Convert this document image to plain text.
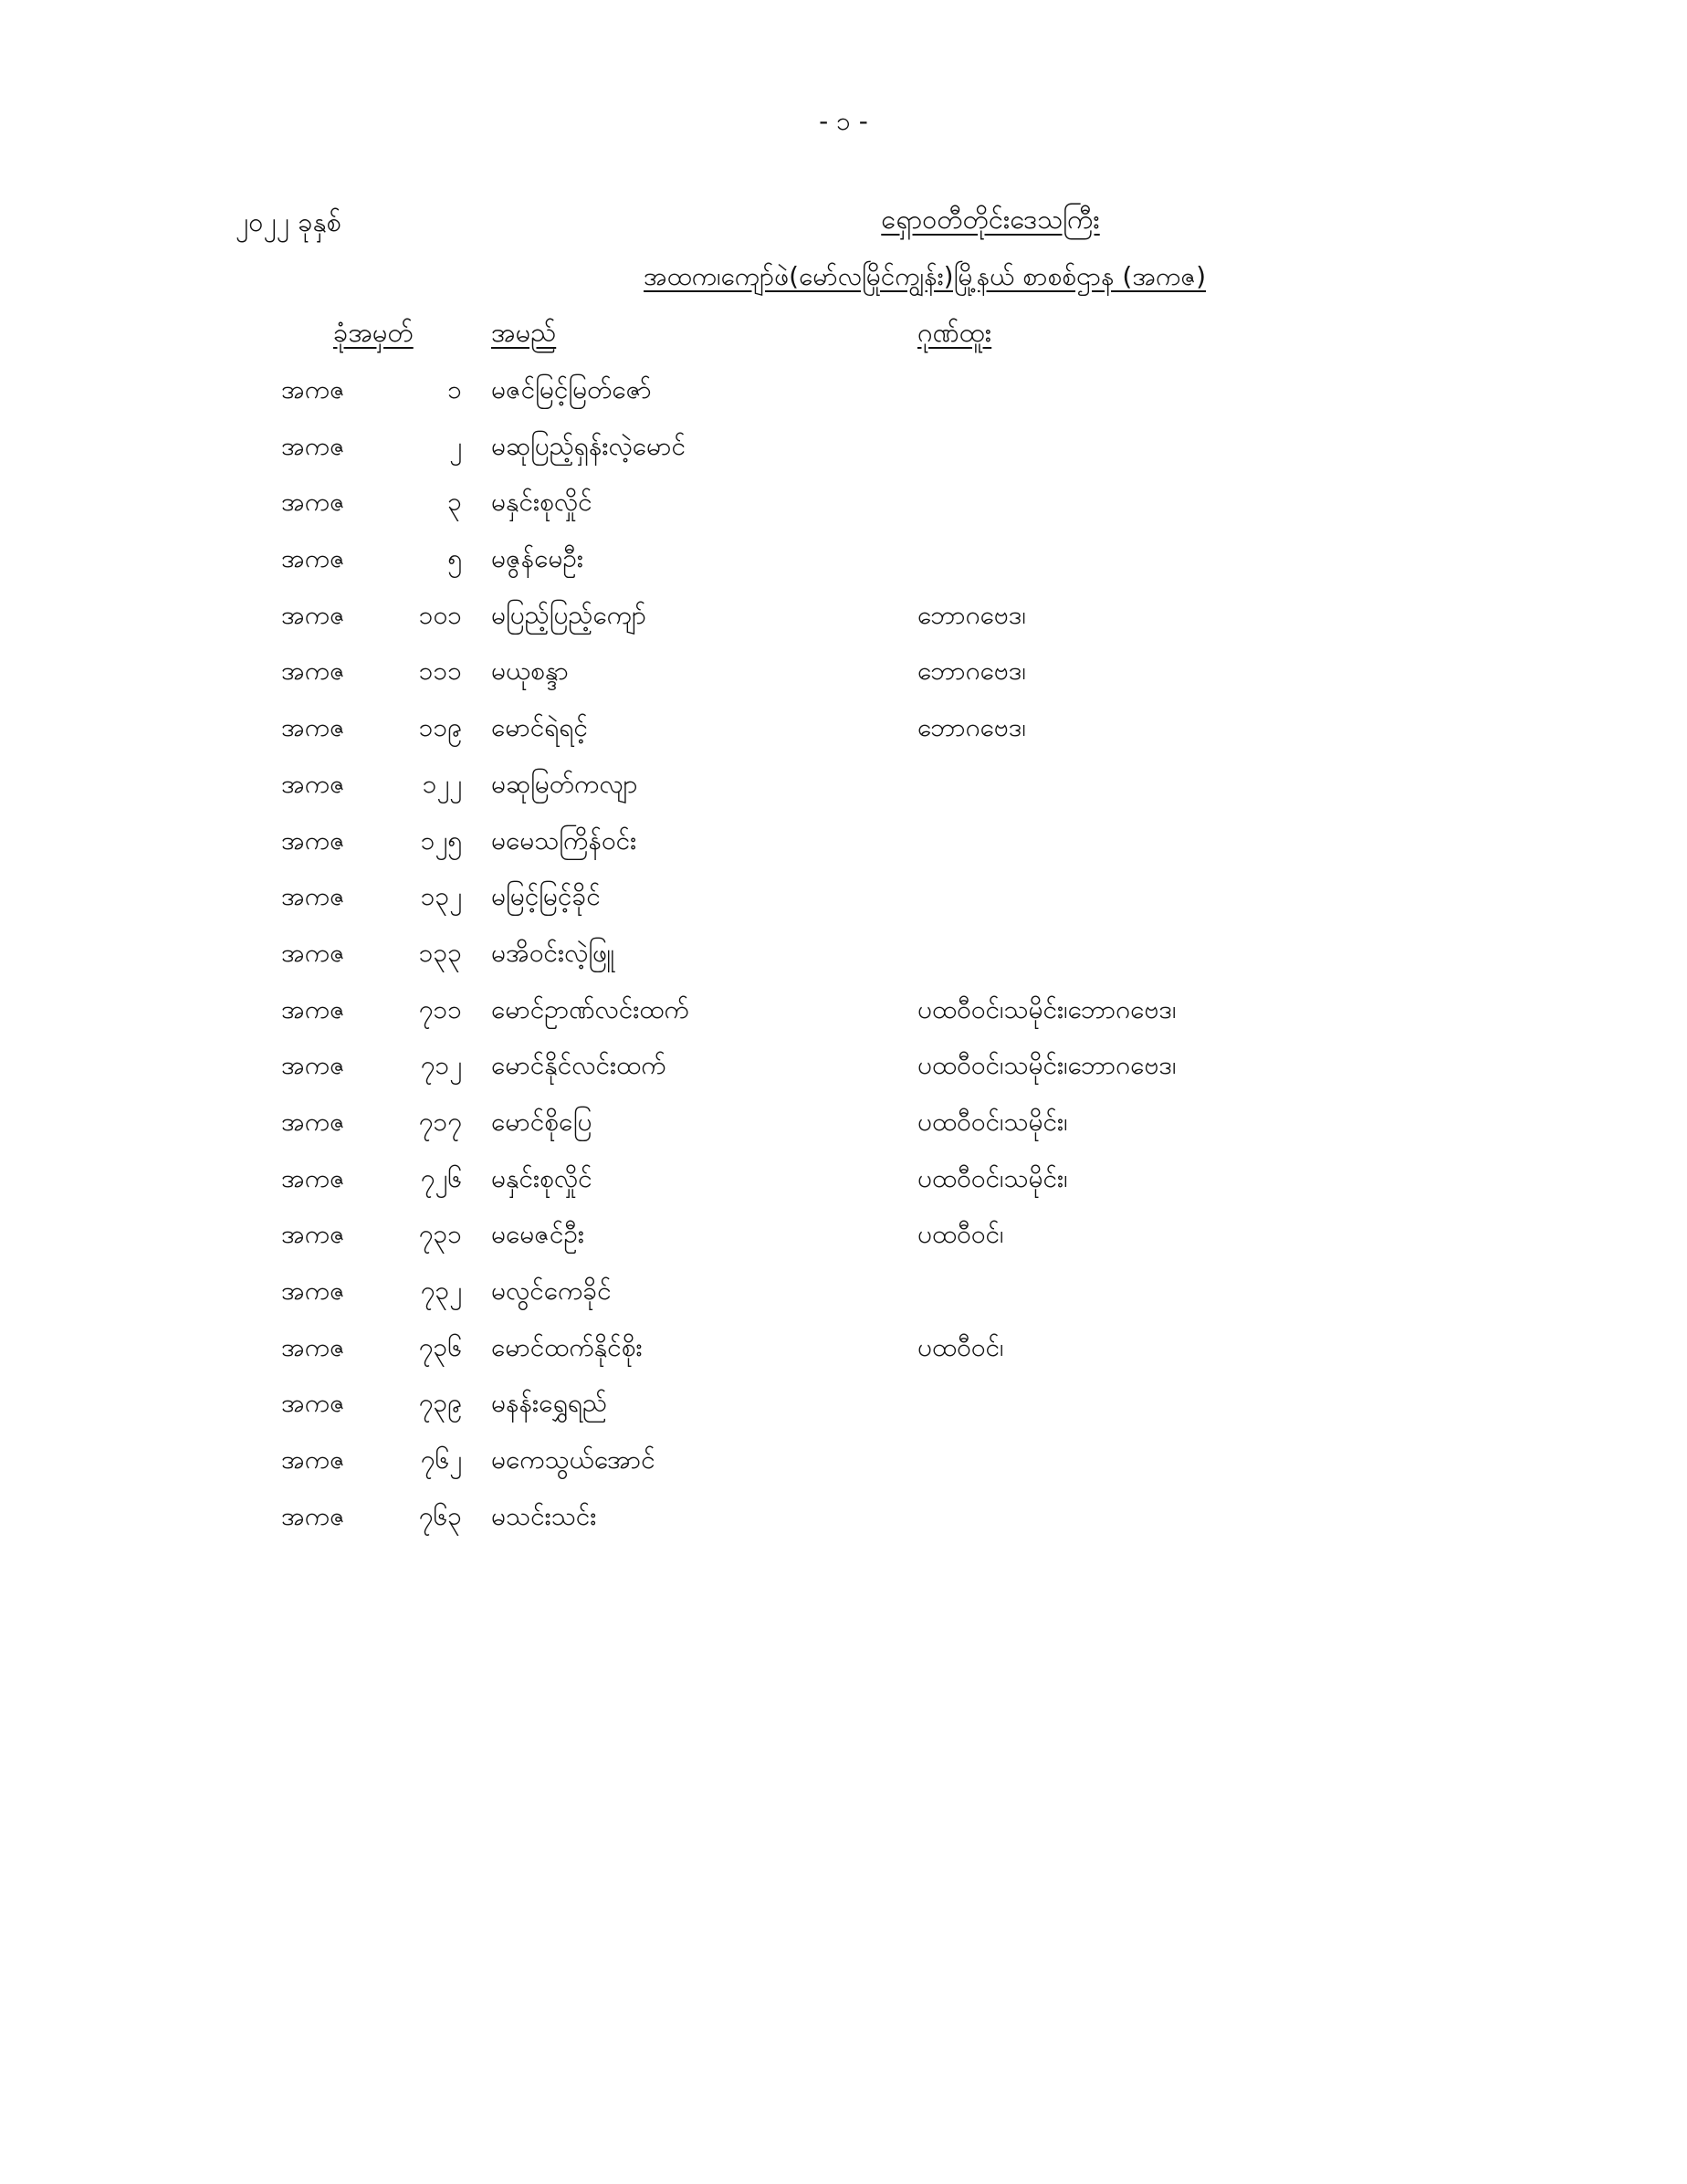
- ၁ -
၂၀၂၂ ခုနှစ်	ရှောဝတီတိုင်းဒေသကြီး
အထက၊ကျော်ဖဲ(မော်လမြိုင်ကျွန်း)မြို့နယ် စာစစ်ဌာန (အကဇ)
ခုံအမှတ်	အမည်	ဂုဏ်ထူး
အကဇ	၁ မဇင်မြင့်မြတ်ဇော်
အကဇ	၂ မဆုပြည့်ရှန်းလဲ့မောင်
အကဇ	၃ မနှင်းစုလှိုင်
အကဇ	၅ မဇွန်မေဦး
အကဇ	၁၀၁ မပြည့်ပြည့်ကျော်	ဘောဂဗေဒ၊
အကဇ	၁၁၁ မယုစန္ဒာ	ဘောဂဗေဒ၊
အကဇ	၁၁၉ မောင်ရဲရင့်	ဘောဂဗေဒ၊
အကဇ	၁၂၂ မဆုမြတ်ကလျာ
အကဇ	၁၂၅ မမေသကြိန်ဝင်း
အကဇ	၁၃၂ မမြင့်မြင့်ခိုင်
အကဇ	၁၃၃ မအိဝင်းလဲ့ဖြူ
အကဇ	၇၁၁ မောင်ဥာဏ်လင်းထက်	ပထဝီဝင်၊သမိုင်း၊ဘောဂဗေဒ၊
အကဇ	၇၁၂ မောင်နိုင်လင်းထက်	ပထဝီဝင်၊သမိုင်း၊ဘောဂဗေဒ၊
အကဇ	၇၁၇ မောင်စိုပြေ	ပထဝီဝင်၊သမိုင်း၊
အကဇ	၇၂၆ မနှင်းစုလှိုင်	ပထဝီဝင်၊သမိုင်း၊
အကဇ	၇၃၁ မမေဇင်ဦး	ပထဝီဝင်၊
အကဇ	၇၃၂ မလွင်ကေခိုင်
အကဇ	၇၃၆ မောင်ထက်နိုင်စိုး	ပထဝီဝင်၊
အကဇ	၇၃၉ မနန်းရွှေရည်
အကဇ	၇၆၂ မကေသွယ်အောင်
အကဇ	၇၆၃ မသင်းသင်း
